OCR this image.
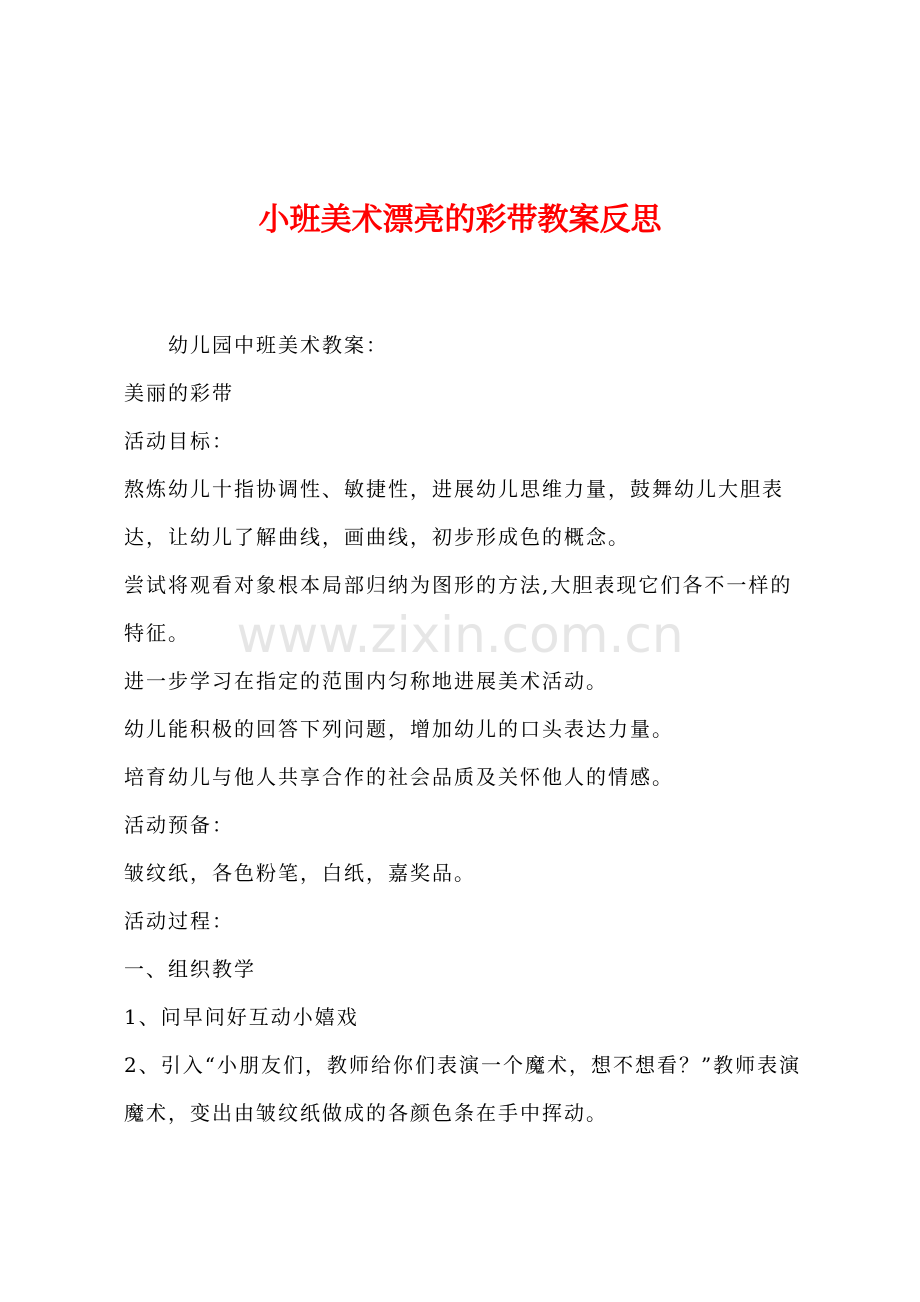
小班美术漂亮的彩带教案反思

幼儿园中班美术教案：

美丽的彩带

活动目标：

熬炼幼儿十指协调性、敏捷性，进展幼儿思维力量，鼓舞幼儿大胆表达，让幼儿了解曲线，画曲线，初步形成色的概念。

尝试将观看对象根本局部归纳为图形的方法,大胆表现它们各不一样的特征。

进一步学习在指定的范围内匀称地进展美术活动。

幼儿能积极的回答下列问题，增加幼儿的口头表达力量。

培育幼儿与他人共享合作的社会品质及关怀他人的情感。

活动预备：

皱纹纸，各色粉笔，白纸，嘉奖品。

活动过程：

一、组织教学

1、问早问好互动小嬉戏

2、引入“小朋友们，教师给你们表演一个魔术，想不想看？”教师表演魔术，变出由皱纹纸做成的各颜色条在手中挥动。

www.zixin.com.cn
